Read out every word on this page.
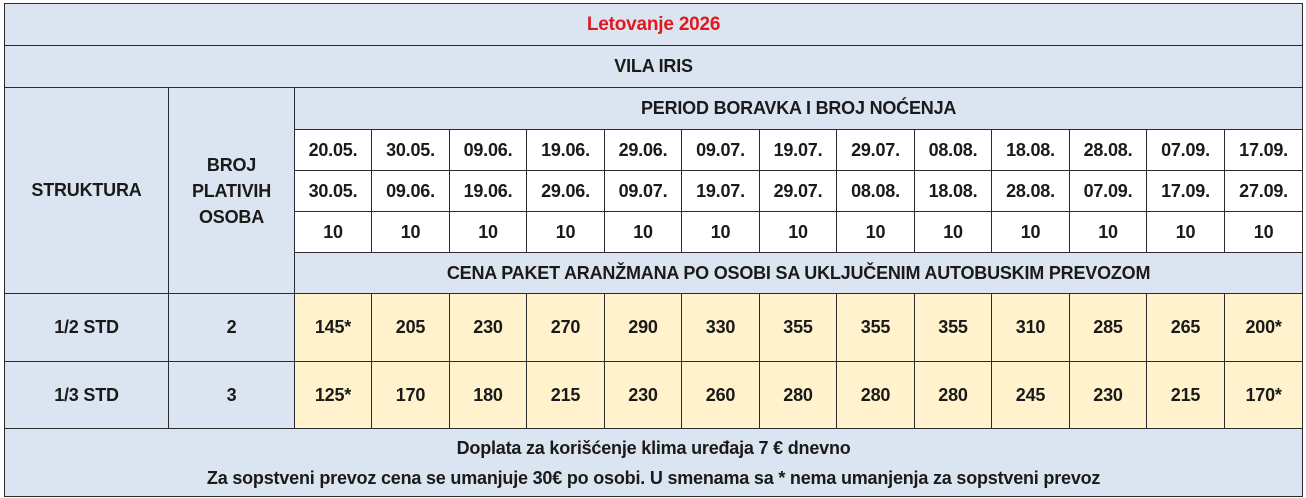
Letovanje 2026														
VILA IRIS														
STRUKTURA	BROJ
PLATIVIH
OSOBA	PERIOD BORAVKA I BROJ NOĆENJA												
		20.05.	30.05.	09.06.	19.06.	29.06.	09.07.	19.07.	29.07.	08.08.	18.08.	28.08.	07.09.	17.09.
		30.05.	09.06.	19.06.	29.06.	09.07.	19.07.	29.07.	08.08.	18.08.	28.08.	07.09.	17.09.	27.09.
		10	10	10	10	10	10	10	10	10	10	10	10	10
		CENA PAKET ARANŽMANA PO OSOBI SA UKLJUČENIM AUTOBUSKIM PREVOZOM												
1/2 STD	2	145*	205	230	270	290	330	355	355	355	310	285	265	200*
1/3 STD	3	125*	170	180	215	230	260	280	280	280	245	230	215	170*

Doplata za korišćenje klima uređaja 7 € dnevno
Za sopstveni prevoz cena se umanjuje 30€ po osobi. U smenama sa * nema umanjenja za sopstveni prevoz														
